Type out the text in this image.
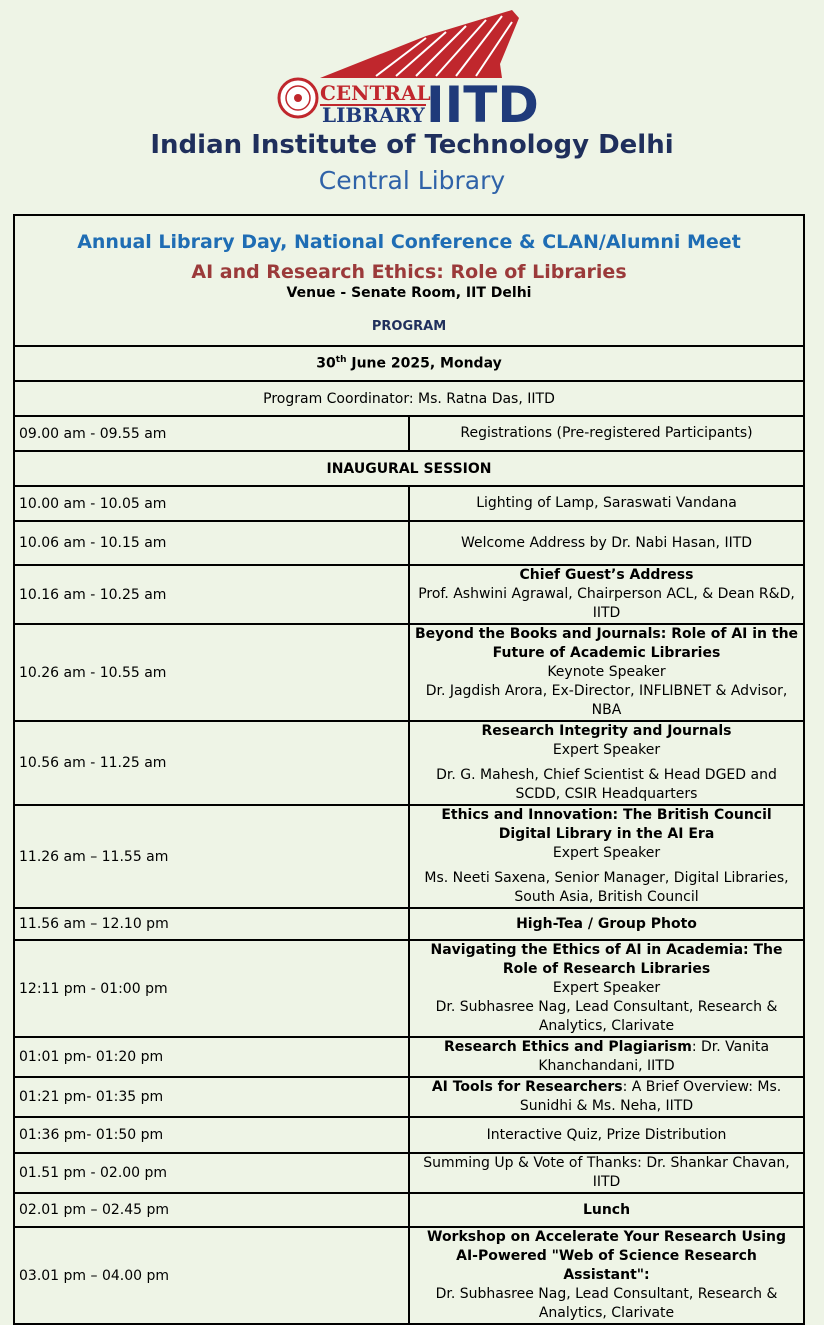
CENTRAL
LIBRARY IITD
Indian Institute of Technology Delhi
Central Library
Annual Library Day, National Conference & CLAN/Alumni Meet
AI and Research Ethics: Role of Libraries
Venue - Senate Room, IIT Delhi
PROGRAM	

30th June 2025, Monday	
Program Coordinator: Ms. Ratna Das, IITD	
09.00 am - 09.55 am	Registrations (Pre-registered Participants)
INAUGURAL SESSION	
10.00 am - 10.05 am	Lighting of Lamp, Saraswati Vandana
10.06 am - 10.15 am	Welcome Address by Dr. Nabi Hasan, IITD
10.16 am - 10.25 am	Chief Guest’s Address
Prof. Ashwini Agrawal, Chairperson ACL, & Dean R&D, IITD

10.26 am - 10.55 am	Beyond the Books and Journals: Role of AI in the Future of Academic Libraries
Keynote Speaker
Dr. Jagdish Arora, Ex-Director, INFLIBNET & Advisor, NBA

10.56 am - 11.25 am	Research Integrity and Journals
Expert Speaker
Dr. G. Mahesh, Chief Scientist & Head DGED and SCDD, CSIR Headquarters

11.26 am – 11.55 am	Ethics and Innovation: The British Council Digital Library in the AI Era
Expert Speaker
Ms. Neeti Saxena, Senior Manager, Digital Libraries, South Asia, British Council

11.56 am – 12.10 pm	High-Tea / Group Photo
12:11 pm - 01:00 pm	Navigating the Ethics of AI in Academia: The Role of Research Libraries
Expert Speaker
Dr. Subhasree Nag, Lead Consultant, Research & Analytics, Clarivate

01:01 pm- 01:20 pm	Research Ethics and Plagiarism: Dr. Vanita Khanchandani, IITD
01:21 pm- 01:35 pm	AI Tools for Researchers: A Brief Overview: Ms. Sunidhi & Ms. Neha, IITD
01:36 pm- 01:50 pm	Interactive Quiz, Prize Distribution
01.51 pm - 02.00 pm	Summing Up & Vote of Thanks: Dr. Shankar Chavan, IITD
02.01 pm – 02.45 pm	Lunch
03.01 pm – 04.00 pm	Workshop on Accelerate Your Research Using AI-Powered "Web of Science Research Assistant":
Dr. Subhasree Nag, Lead Consultant, Research & Analytics, Clarivate
